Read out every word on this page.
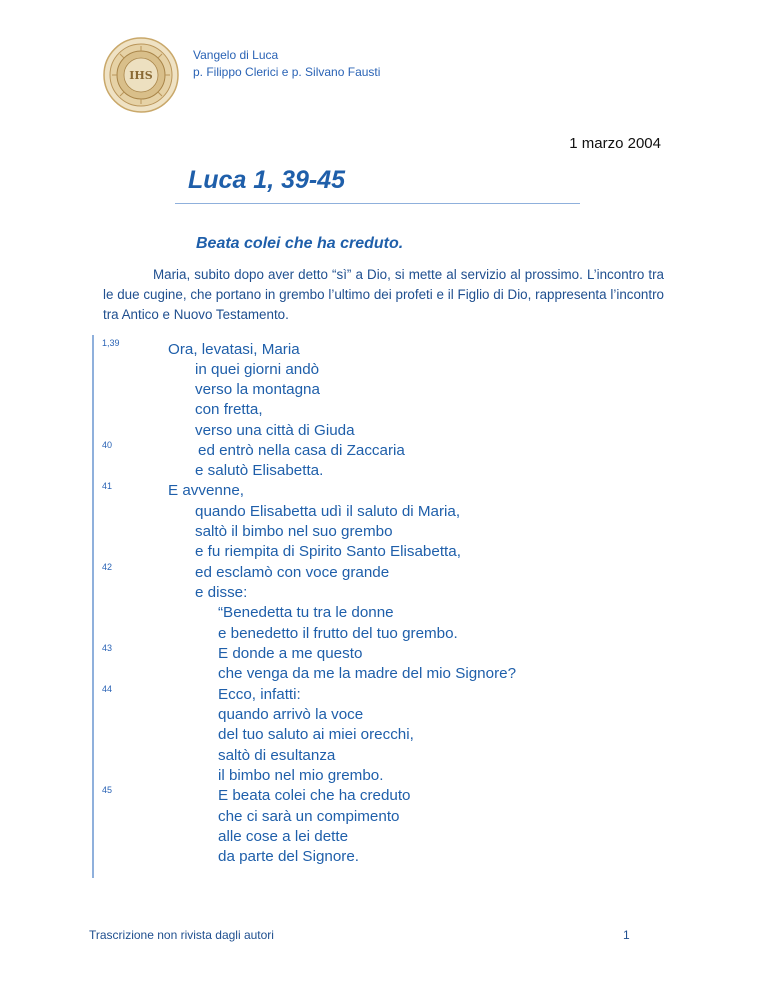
IHS
Vangelo di Luca
p. Filippo Clerici e p. Silvano Fausti
1 marzo 2004
Luca 1, 39-45
Beata colei che ha creduto.

Maria, subito dopo aver detto “sì” a Dio, si mette al servizio al prossimo. L’incontro tra le due cugine, che portano in grembo l’ultimo dei profeti e il Figlio di Dio, rappresenta l’incontro tra Antico e Nuovo Testamento.

1,39
40
41
42
43
44
45
Ora, levatasi, Maria
in quei giorni andò
verso la montagna
con fretta,
verso una città di Giuda
ed entrò nella casa di Zaccaria
e salutò Elisabetta.
E avvenne,
quando Elisabetta udì il saluto di Maria,
saltò il bimbo nel suo grembo
e fu riempita di Spirito Santo Elisabetta,
ed esclamò con voce grande
e disse:
“Benedetta tu tra le donne
e benedetto il frutto del tuo grembo.
E donde a me questo
che venga da me la madre del mio Signore?
Ecco, infatti:
quando arrivò la voce
del tuo saluto ai miei orecchi,
saltò di esultanza
il bimbo nel mio grembo.
E beata colei che ha creduto
che ci sarà un compimento
alle cose a lei dette
da parte del Signore.
Trascrizione non rivista dagli autori	1
